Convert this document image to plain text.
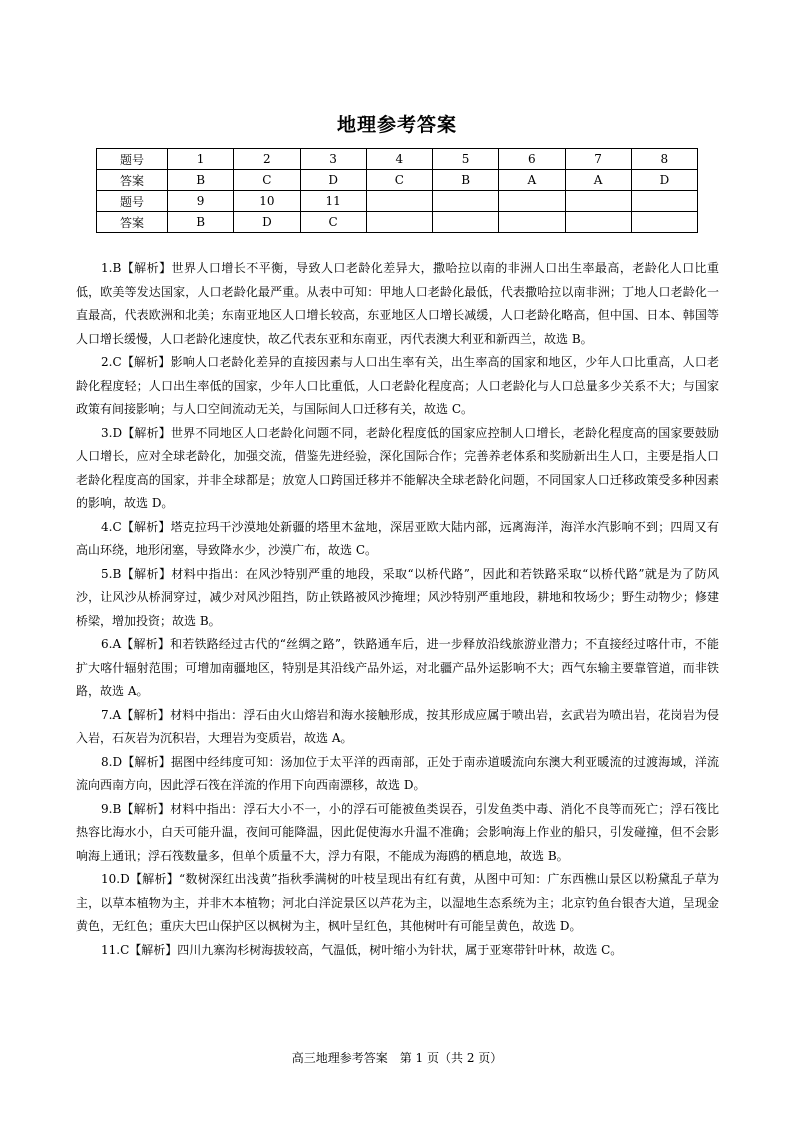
地理参考答案
题号	1	2	3	4	5	6	7	8
答案	B	C	D	C	B	A	A	D
题号	9	10	11					
答案	B	D	C					

1.B【解析】世界人口增长不平衡，导致人口老龄化差异大，撒哈拉以南的非洲人口出生率最高，老龄化人口比重低，欧美等发达国家，人口老龄化最严重。从表中可知：甲地人口老龄化最低，代表撒哈拉以南非洲；丁地人口老龄化一直最高，代表欧洲和北美；东南亚地区人口增长较高，东亚地区人口增长减缓，人口老龄化略高，但中国、日本、韩国等人口增长缓慢，人口老龄化速度快，故乙代表东亚和东南亚，丙代表澳大利亚和新西兰，故选 B。

2.C【解析】影响人口老龄化差异的直接因素与人口出生率有关，出生率高的国家和地区，少年人口比重高，人口老龄化程度轻；人口出生率低的国家，少年人口比重低，人口老龄化程度高；人口老龄化与人口总量多少关系不大；与国家政策有间接影响；与人口空间流动无关，与国际间人口迁移有关，故选 C。

3.D【解析】世界不同地区人口老龄化问题不同，老龄化程度低的国家应控制人口增长，老龄化程度高的国家要鼓励人口增长，应对全球老龄化，加强交流，借鉴先进经验，深化国际合作；完善养老体系和奖励新出生人口，主要是指人口老龄化程度高的国家，并非全球都是；放宽人口跨国迁移并不能解决全球老龄化问题，不同国家人口迁移政策受多种因素的影响，故选 D。

4.C【解析】塔克拉玛干沙漠地处新疆的塔里木盆地，深居亚欧大陆内部，远离海洋，海洋水汽影响不到；四周又有高山环绕，地形闭塞，导致降水少，沙漠广布，故选 C。

5.B【解析】材料中指出：在风沙特别严重的地段，采取“以桥代路”，因此和若铁路采取“以桥代路”就是为了防风沙，让风沙从桥洞穿过，减少对风沙阻挡，防止铁路被风沙掩埋；风沙特别严重地段，耕地和牧场少；野生动物少；修建桥梁，增加投资；故选 B。

6.A【解析】和若铁路经过古代的“丝绸之路”，铁路通车后，进一步释放沿线旅游业潜力；不直接经过喀什市，不能扩大喀什辐射范围；可增加南疆地区，特别是其沿线产品外运，对北疆产品外运影响不大；西气东输主要靠管道，而非铁路，故选 A。

7.A【解析】材料中指出：浮石由火山熔岩和海水接触形成，按其形成应属于喷出岩，玄武岩为喷出岩，花岗岩为侵入岩，石灰岩为沉积岩，大理岩为变质岩，故选 A。

8.D【解析】据图中经纬度可知：汤加位于太平洋的西南部，正处于南赤道暖流向东澳大利亚暖流的过渡海域，洋流流向西南方向，因此浮石筏在洋流的作用下向西南漂移，故选 D。

9.B【解析】材料中指出：浮石大小不一，小的浮石可能被鱼类误吞，引发鱼类中毒、消化不良等而死亡；浮石筏比热容比海水小，白天可能升温，夜间可能降温，因此促使海水升温不准确；会影响海上作业的船只，引发碰撞，但不会影响海上通讯；浮石筏数量多，但单个质量不大，浮力有限，不能成为海鸥的栖息地，故选 B。

10.D【解析】“数树深红出浅黄”指秋季满树的叶枝呈现出有红有黄，从图中可知：广东西樵山景区以粉黛乱子草为主，以草本植物为主，并非木本植物；河北白洋淀景区以芦花为主，以湿地生态系统为主；北京钓鱼台银杏大道，呈现金黄色，无红色；重庆大巴山保护区以枫树为主，枫叶呈红色，其他树叶有可能呈黄色，故选 D。

11.C【解析】四川九寨沟杉树海拔较高，气温低，树叶缩小为针状，属于亚寒带针叶林，故选 C。

高三地理参考答案　第 1 页（共 2 页）
